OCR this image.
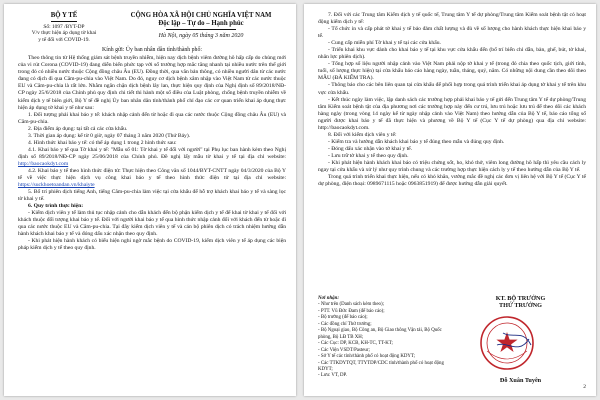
BỘ Y TẾ
Số: 1097 /BYT-DP
V/v thực hiện áp dụng tờ khai
y tế đối với COVID-19.
CỘNG HÒA XÃ HỘI CHỦ NGHĨA VIỆT NAM
Độc lập – Tự do – Hạnh phúc
Hà Nội, ngày 05 tháng 3 năm 2020
Kính gửi: Ủy ban nhân dân tỉnh/thành phố:

Theo thông tin từ Hệ thống giám sát bệnh truyền nhiễm, hiện nay dịch bệnh viêm đường hô hấp cấp do chủng mới của vi rút Corona (COVID-19) đang diễn biến phức tạp với số trường hợp mắc tăng nhanh tại nhiều nước trên thế giới trong đó có nhiều nước thuộc Cộng đồng châu Âu (EU). Đồng thời, qua văn bản thông, có nhiều người dân từ các nước đang có dịch đi qua Căm-pu-chia vào Việt Nam. Do đó, nguy cơ dịch bệnh xâm nhập vào Việt Nam từ các nước thuộc EU và Căm-pu-chia là rất lớn. Nhằm ngăn chặn dịch bệnh lây lan, thực hiện quy định của Nghị định số 89/2018/NĐ-CP ngày 25/6/2018 của Chính phủ quy định chi tiết thi hành một số điều của Luật phòng, chống bệnh truyền nhiễm về kiểm dịch y tế biên giới, Bộ Y tế đề nghị Ủy ban nhân dân tỉnh/thành phố chỉ đạo các cơ quan triển khai áp dụng thực hiện áp dụng tờ khai y tế như sau:

1. Đối tượng phải khai báo y tế: khách nhập cảnh đến từ hoặc đi qua các nước thuộc Cộng đồng châu Âu (EU) và Căm-pu-chia.

2. Địa điểm áp dụng: tại tất cả các cửa khẩu.

3. Thời gian áp dụng: kể từ 0 giờ, ngày 07 tháng 3 năm 2020 (Thứ Bảy).

4. Hình thức khai báo y tế: có thể áp dụng 1 trong 2 hình thức sau:

4.1. Khai báo y tế qua Tờ khai y tế: "Mẫu số 01: Tờ khai y tế đối với người" tại Phụ lục ban hành kèm theo Nghị định số 89/2018/NĐ-CP ngày 25/06/2018 của Chính phủ. Đề nghị lấy mẫu tờ khai y tế tại địa chỉ website: http://baocaokdyt.com

4.2. Khai báo y tế theo hình thức điện tử: Thực hiện theo Công văn số 1044/BYT-CNTT ngày 04/3/2020 của Bộ Y tế về việc thực hiện dịch vụ công khai báo y tế theo hình thức điện tử tại địa chỉ website: https://suckhoetoandan.vn/khaiyte

5. Bố trí phiên dịch tiếng Anh, tiếng Căm-pu-chia làm việc tại cửa khẩu để hỗ trợ khách khai báo y tế và sàng lọc tờ khai y tế.

6. Quy trình thực hiện:

- Kiểm dịch viên y tế làm thủ tục nhập cảnh cho dẫn khách đến bộ phận kiểm dịch y tế để khai tờ khai y tế đối với khách thuộc đối tượng khai báo y tế. Đối với người khai báo y tế qua hình thức nhập cảnh đối với khách đến từ hoặc đi qua các nước thuộc EU và Căm-pu-chia. Tại đây kiểm dịch viên y tế và cán bộ phiên dịch có trách nhiệm hướng dẫn hành khách khai báo y tế và đóng dấu xác nhận theo quy định.

- Khi phát hiện hành khách có biểu hiện nghi ngờ mắc bệnh do COVID-19, kiểm dịch viên y tế áp dụng các biện pháp kiểm dịch y tế theo quy định.

7. Đối với các Trung tâm Kiểm dịch y tế quốc tế, Trung tâm Y tế dự phòng/Trung tâm Kiểm soát bệnh tật có hoạt động kiểm dịch y tế:

- Tổ chức in và cấp phát tờ khai y tế bảo đảm chất lượng và đủ về số lượng cho hành khách thực hiện khai báo y tế.

- Cung cấp miễn phí Tờ khai y tế tại các cửa khẩu.

- Triển khai khu vực dành cho khai báo y tế tại khu vực cửa khẩu đến (bố trí biển chỉ dẫn, bàn, ghế, bút, tờ khai, nhân lực phiên dịch).

- Tổng hợp số liệu người nhập cảnh vào Việt Nam phải nộp tờ khai y tế (trong đó chia theo quốc tịch, giới tính, tuổi, số lượng thực hiện) tại cửa khẩu báo cáo hàng ngày, tuần, tháng, quý, năm. Có những nội dung cần theo dõi theo MẪU (ĐÃ KIỂM TRA).

- Thông báo cho các bên liên quan tại cửa khẩu để phối hợp trong quá trình triển khai áp dụng tờ khai y tế trên khu vực cửa khẩu.

- Kết thúc ngày làm việc, lập danh sách các trường hợp phải khai báo y tế gửi đến Trung tâm Y tế dự phòng/Trung tâm Kiểm soát bệnh tật của địa phương nơi các trường hợp này đến cư trú, lưu trú hoặc lưu trú để theo dõi các khách hàng ngày (trong vòng 14 ngày kể từ ngày nhập cảnh vào Việt Nam) theo hướng dẫn của Bộ Y tế, báo cáo tổng số người được khai báo y tế đã thực hiện và phương về Bộ Y tế (Cục Y tế dự phòng) qua địa chỉ website: http://baocaokdyt.com.

8. Đối với kiểm dịch viên y tế:

- Kiểm tra và hướng dẫn khách khai báo y tế đúng theo mẫu và đúng quy định.

- Đóng dấu xác nhận vào tờ khai y tế.

- Lưu trữ tờ khai y tế theo quy định.

- Khi phát hiện hành khách khai báo có triệu chứng sốt, ho, khó thở, viêm long đường hô hấp thì yêu cầu cách ly ngay tại cửa khẩu và xử lý như quy trình chung và các trường hợp thực hiện cách ly y tế theo hướng dẫn của Bộ Y tế.

Trong quá trình triển khai thực hiện, nếu có khó khăn, vướng mắc đề nghị các đơn vị liên hệ với Bộ Y tế (Cục Y tế dự phòng, điện thoại: 0989671115 hoặc 0963851919) để được hướng dẫn giải quyết.

Nơi nhận:
- Như trên (Danh sách kèm theo);
- PTT. Vũ Đức Đam (để báo cáo);
- Bộ trưởng (để báo cáo);
- Các đồng chí Thứ trưởng;
- Bộ Ngoại giao, Bộ Công an, Bộ Giao thông Vận tải, Bộ Quốc phòng, Bộ LĐ TB XH;
- Các Cục: DP, KCB, KH-TC, TT-KT;
- Các Viện VSDT/Pasteur;
- Sở Y tế các tỉnh/thành phố có hoạt động KDYT;
- Các TTKDYTQT, TTYTDP/CDC tỉnh/thành phố có hoạt động KDYT;
- Lưu: VT, DP.
KT. BỘ TRƯỞNG
THỨ TRƯỞNG
Đỗ Xuân Tuyên
2
